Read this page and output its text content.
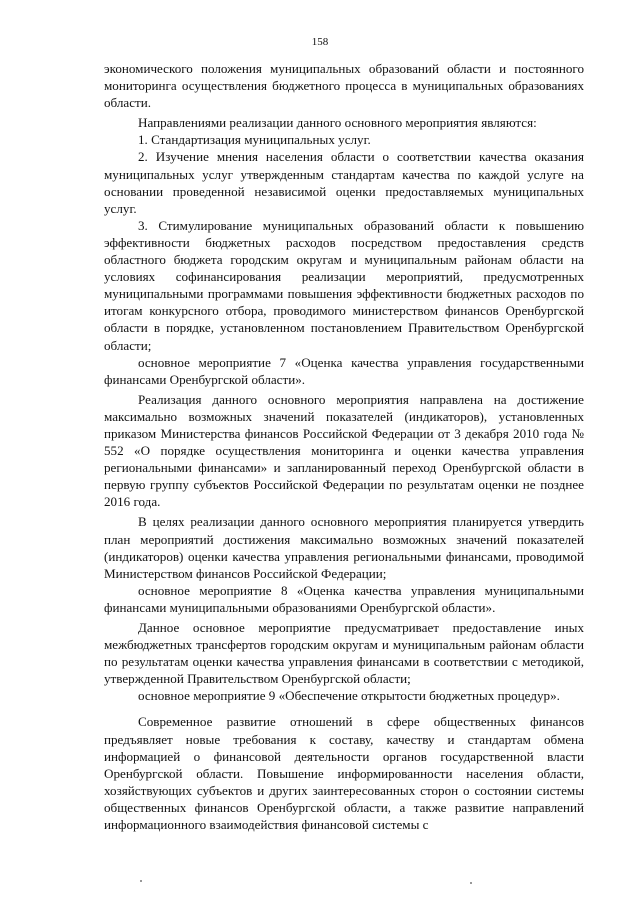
158

экономического положения муниципальных образований области и постоянного мониторинга осуществления бюджетного процесса в муниципальных образованиях области.

Направлениями реализации данного основного мероприятия являются:

1. Стандартизация муниципальных услуг.

2. Изучение мнения населения области о соответствии качества оказания муниципальных услуг утвержденным стандартам качества по каждой услуге на основании проведенной независимой оценки предоставляемых муниципальных услуг.

3. Стимулирование муниципальных образований области к повышению эффективности бюджетных расходов посредством предоставления средств областного бюджета городским округам и муниципальным районам области на условиях софинансирования реализации мероприятий, предусмотренных муниципальными программами повышения эффективности бюджетных расходов по итогам конкурсного отбора, проводимого министерством финансов Оренбургской области в порядке, установленном постановлением Правительством Оренбургской области;

основное мероприятие 7 «Оценка качества управления государственными финансами Оренбургской области».

Реализация данного основного мероприятия направлена на достижение максимально возможных значений показателей (индикаторов), установленных приказом Министерства финансов Российской Федерации от 3 декабря 2010 года № 552 «О порядке осуществления мониторинга и оценки качества управления региональными финансами» и запланированный переход Оренбургской области в первую группу субъектов Российской Федерации по результатам оценки не позднее 2016 года.

В целях реализации данного основного мероприятия планируется утвердить план мероприятий достижения максимально возможных значений показателей (индикаторов) оценки качества управления региональными финансами, проводимой Министерством финансов Российской Федерации;

основное мероприятие 8 «Оценка качества управления муниципальными финансами муниципальными образованиями Оренбургской области».

Данное основное мероприятие предусматривает предоставление иных межбюджетных трансфертов городским округам и муниципальным районам области по результатам оценки качества управления финансами в соответствии с методикой, утвержденной Правительством Оренбургской области;

основное мероприятие 9 «Обеспечение открытости бюджетных процедур».

Современное развитие отношений в сфере общественных финансов предъявляет новые требования к составу, качеству и стандартам обмена информацией о финансовой деятельности органов государственной власти Оренбургской области. Повышение информированности населения области, хозяйствующих субъектов и других заинтересованных сторон о состоянии системы общественных финансов Оренбургской области, а также развитие направлений информационного взаимодействия финансовой системы с
